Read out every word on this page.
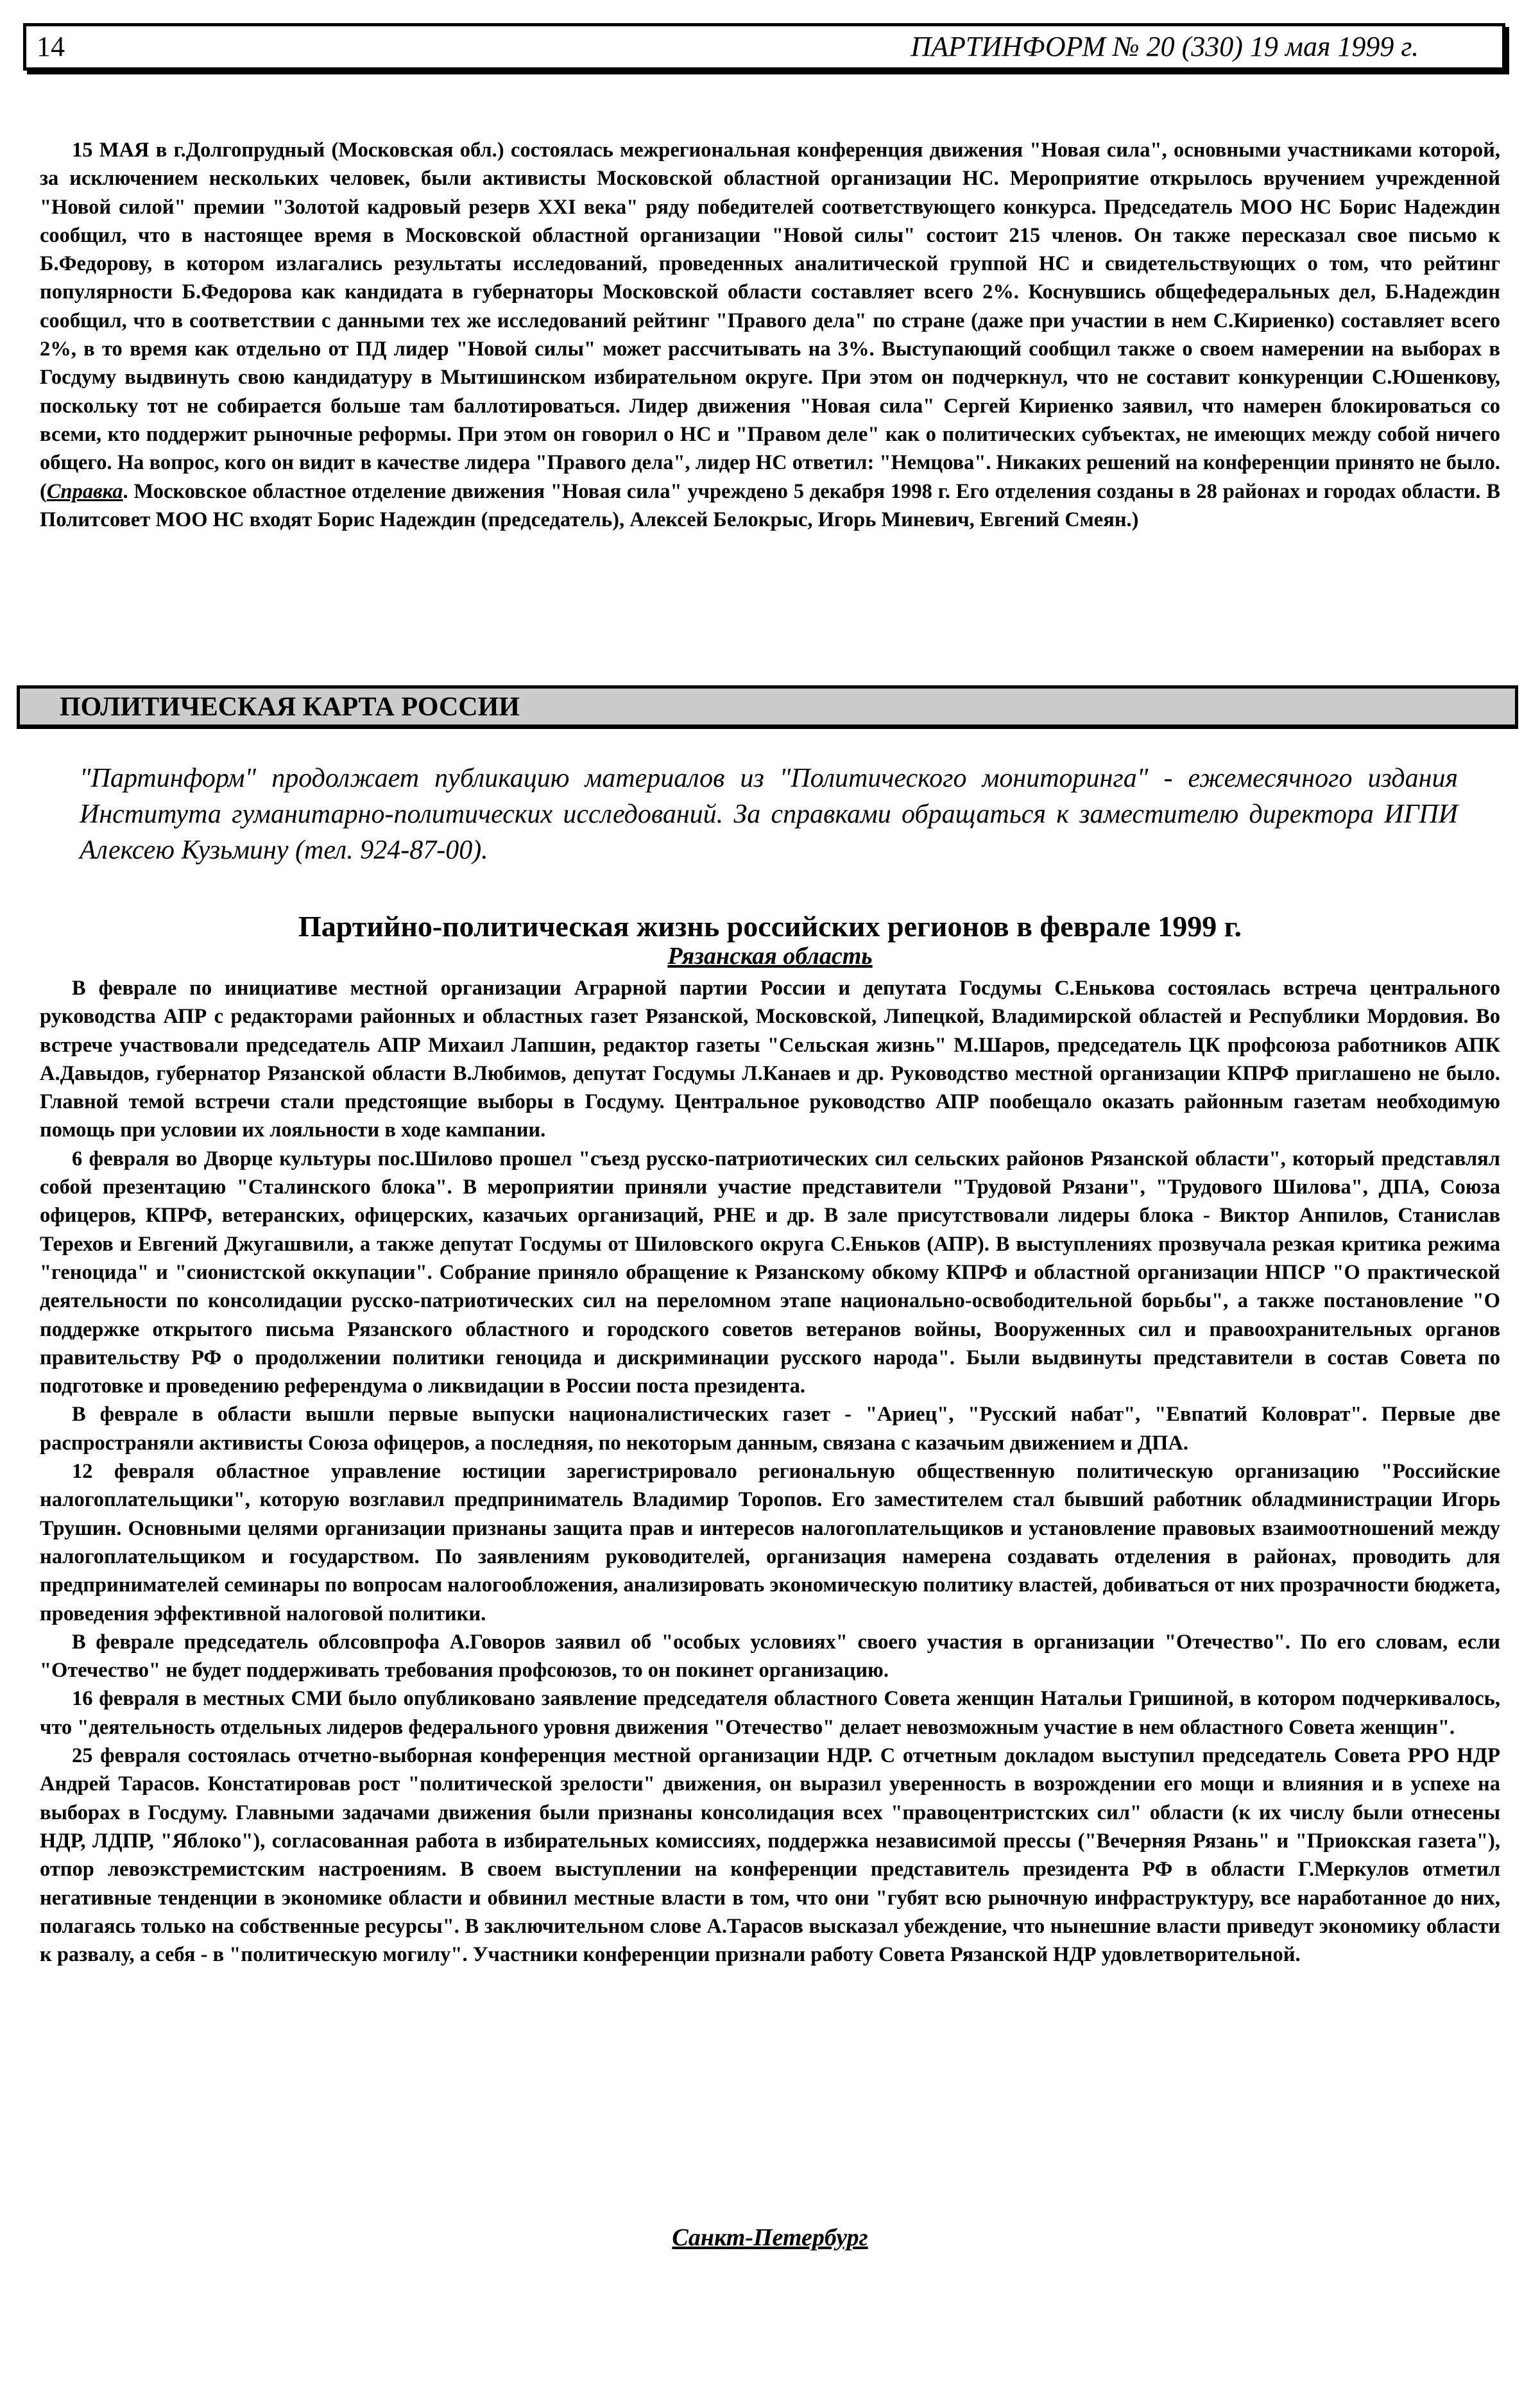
14	ПАРТИНФОРМ № 20 (330) 19 мая 1999 г.

15 МАЯ в г.Долгопрудный (Московская обл.) состоялась межрегиональная конференция движения "Новая сила", основными участниками которой, за исключением нескольких человек, были активисты Московской областной организации НС. Мероприятие открылось вручением учрежденной "Новой силой" премии "Золотой кадровый резерв XXI века" ряду победителей соответствующего конкурса. Председатель МОО НС Борис Надеждин сообщил, что в настоящее время в Московской областной организации "Новой силы" состоит 215 членов. Он также пересказал свое письмо к Б.Федорову, в котором излагались результаты исследований, проведенных аналитической группой НС и свидетельствующих о том, что рейтинг популярности Б.Федорова как кандидата в губернаторы Московской области составляет всего 2%. Коснувшись общефедеральных дел, Б.Надеждин сообщил, что в соответствии с данными тех же исследований рейтинг "Правого дела" по стране (даже при участии в нем С.Кириенко) составляет всего 2%, в то время как отдельно от ПД лидер "Новой силы" может рассчитывать на 3%. Выступающий сообщил также о своем намерении на выборах в Госдуму выдвинуть свою кандидатуру в Мытишинском избирательном округе. При этом он подчеркнул, что не составит конкуренции С.Юшенкову, поскольку тот не собирается больше там баллотироваться. Лидер движения "Новая сила" Сергей Кириенко заявил, что намерен блокироваться со всеми, кто поддержит рыночные реформы. При этом он говорил о НС и "Правом деле" как о политических субъектах, не имеющих между собой ничего общего. На вопрос, кого он видит в качестве лидера "Правого дела", лидер НС ответил: "Немцова". Никаких решений на конференции принято не было. (Справка. Московское областное отделение движения "Новая сила" учреждено 5 декабря 1998 г. Его отделения созданы в 28 районах и городах области. В Политсовет МОО НС входят Борис Надеждин (председатель), Алексей Белокрыс, Игорь Миневич, Евгений Смеян.)

ПОЛИТИЧЕСКАЯ КАРТА РОССИИ
"Партинформ" продолжает публикацию материалов из "Политического мониторинга" - ежемесячного издания Института гуманитарно-политических исследований. За справками обращаться к заместителю директора ИГПИ Алексею Кузьмину (тел. 924-87-00).
Партийно-политическая жизнь российских регионов в феврале 1999 г.
Рязанская область

В феврале по инициативе местной организации Аграрной партии России и депутата Госдумы С.Енькова состоялась встреча центрального руководства АПР с редакторами районных и областных газет Рязанской, Московской, Липецкой, Владимирской областей и Республики Мордовия. Во встрече участвовали председатель АПР Михаил Лапшин, редактор газеты "Сельская жизнь" М.Шаров, председатель ЦК профсоюза работников АПК А.Давыдов, губернатор Рязанской области В.Любимов, депутат Госдумы Л.Канаев и др. Руководство местной организации КПРФ приглашено не было. Главной темой встречи стали предстоящие выборы в Госдуму. Центральное руководство АПР пообещало оказать районным газетам необходимую помощь при условии их лояльности в ходе кампании.

6 февраля во Дворце культуры пос.Шилово прошел "съезд русско-патриотических сил сельских районов Рязанской области", который представлял собой презентацию "Сталинского блока". В мероприятии приняли участие представители "Трудовой Рязани", "Трудового Шилова", ДПА, Союза офицеров, КПРФ, ветеранских, офицерских, казачьих организаций, РНЕ и др. В зале присутствовали лидеры блока - Виктор Анпилов, Станислав Терехов и Евгений Джугашвили, а также депутат Госдумы от Шиловского округа С.Еньков (АПР). В выступлениях прозвучала резкая критика режима "геноцида" и "сионистской оккупации". Собрание приняло обращение к Рязанскому обкому КПРФ и областной организации НПСР "О практической деятельности по консолидации русско-патриотических сил на переломном этапе национально-освободительной борьбы", а также постановление "О поддержке открытого письма Рязанского областного и городского советов ветеранов войны, Вооруженных сил и правоохранительных органов правительству РФ о продолжении политики геноцида и дискриминации русского народа". Были выдвинуты представители в состав Совета по подготовке и проведению референдума о ликвидации в России поста президента.

В феврале в области вышли первые выпуски националистических газет - "Ариец", "Русский набат", "Евпатий Коловрат". Первые две распространяли активисты Союза офицеров, а последняя, по некоторым данным, связана с казачьим движением и ДПА.

12 февраля областное управление юстиции зарегистрировало региональную общественную политическую организацию "Российские налогоплательщики", которую возглавил предприниматель Владимир Торопов. Его заместителем стал бывший работник обладминистрации Игорь Трушин. Основными целями организации признаны защита прав и интересов налогоплательщиков и установление правовых взаимоотношений между налогоплательщиком и государством. По заявлениям руководителей, организация намерена создавать отделения в районах, проводить для предпринимателей семинары по вопросам налогообложения, анализировать экономическую политику властей, добиваться от них прозрачности бюджета, проведения эффективной налоговой политики.

В феврале председатель облсовпрофа А.Говоров заявил об "особых условиях" своего участия в организации "Отечество". По его словам, если "Отечество" не будет поддерживать требования профсоюзов, то он покинет организацию.

16 февраля в местных СМИ было опубликовано заявление председателя областного Совета женщин Натальи Гришиной, в котором подчеркивалось, что "деятельность отдельных лидеров федерального уровня движения "Отечество" делает невозможным участие в нем областного Совета женщин".

25 февраля состоялась отчетно-выборная конференция местной организации НДР. С отчетным докладом выступил председатель Совета РРО НДР Андрей Тарасов. Констатировав рост "политической зрелости" движения, он выразил уверенность в возрождении его мощи и влияния и в успехе на выборах в Госдуму. Главными задачами движения были признаны консолидация всех "правоцентристских сил" области (к их числу были отнесены НДР, ЛДПР, "Яблоко"), согласованная работа в избирательных комиссиях, поддержка независимой прессы ("Вечерняя Рязань" и "Приокская газета"), отпор левоэкстремистским настроениям. В своем выступлении на конференции представитель президента РФ в области Г.Меркулов отметил негативные тенденции в экономике области и обвинил местные власти в том, что они "губят всю рыночную инфраструктуру, все наработанное до них, полагаясь только на собственные ресурсы". В заключительном слове А.Тарасов высказал убеждение, что нынешние власти приведут экономику области к развалу, а себя - в "политическую могилу". Участники конференции признали работу Совета Рязанской НДР удовлетворительной.

Санкт-Петербург
